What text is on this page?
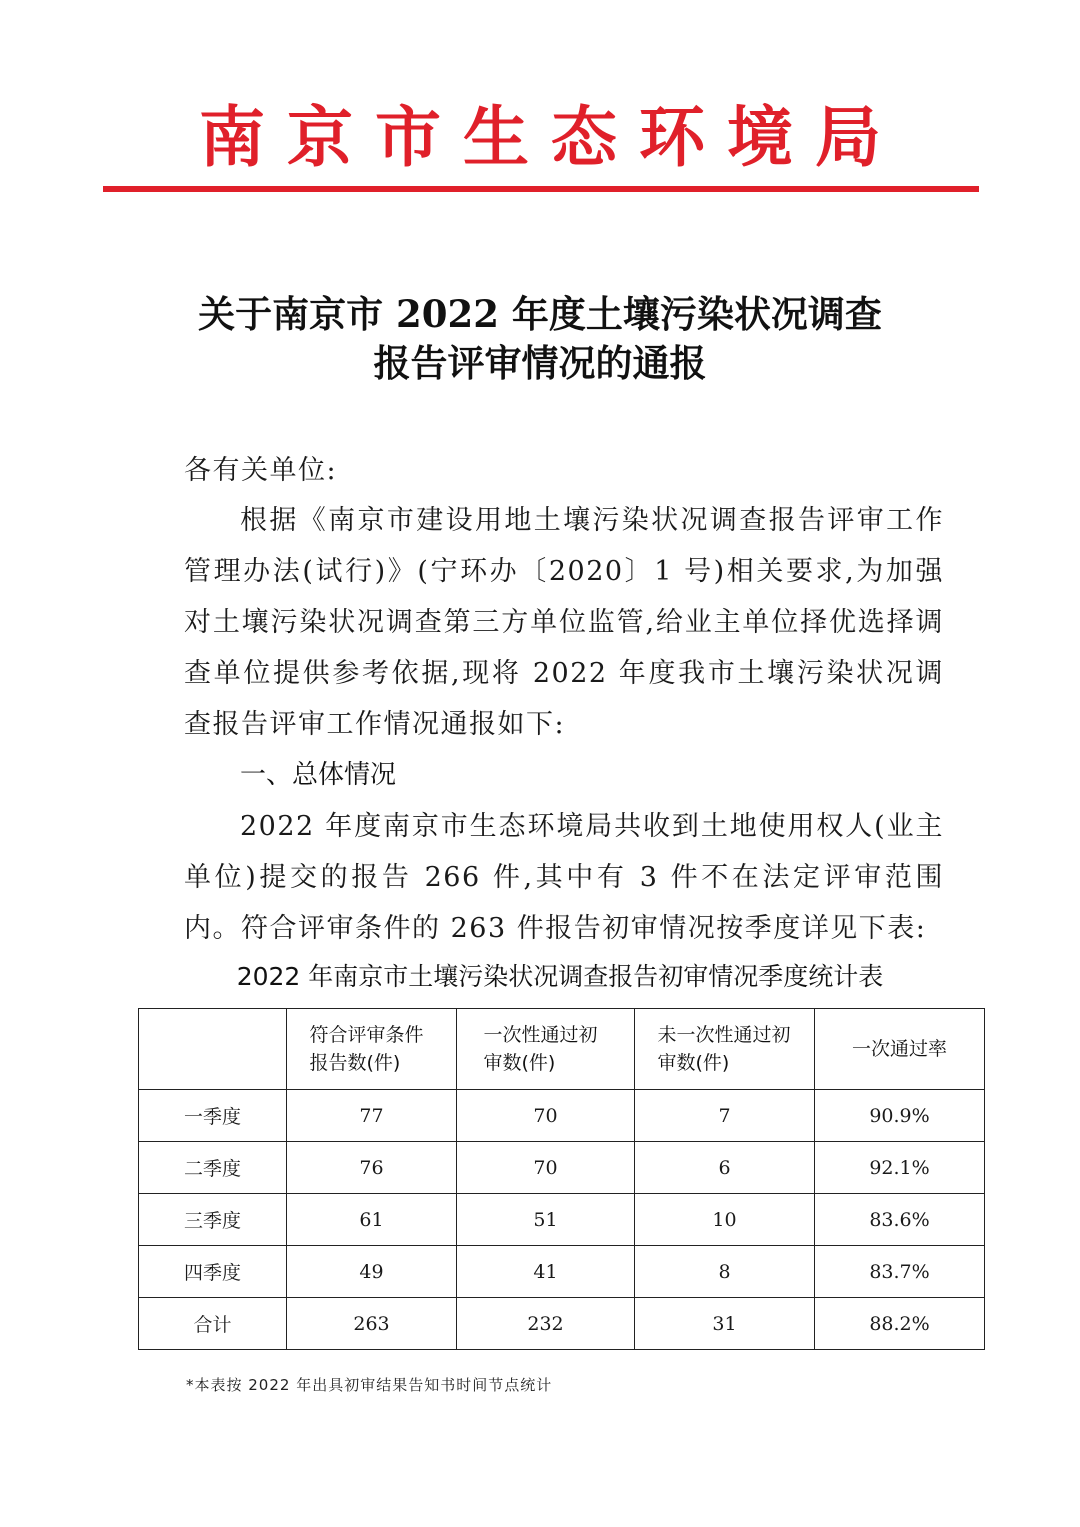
南京市生态环境局
关于南京市 2022 年度土壤污染状况调查
报告评审情况的通报

各有关单位:

根据《南京市建设用地土壤污染状况调查报告评审工作管理办法(试行)》(宁环办〔2020〕1 号)相关要求,为加强对土壤污染状况调查第三方单位监管,给业主单位择优选择调查单位提供参考依据,现将 2022 年度我市土壤污染状况调查报告评审工作情况通报如下:

一、总体情况

2022 年度南京市生态环境局共收到土地使用权人(业主单位)提交的报告 266 件,其中有 3 件不在法定评审范围内。符合评审条件的 263 件报告初审情况按季度详见下表:

2022 年南京市土壤污染状况调查报告初审情况季度统计表

	符合评审条件报告数(件)	一次性通过初审数(件)	未一次性通过初审数(件)	一次通过率
一季度	77	70	7	90.9%
二季度	76	70	6	92.1%
三季度	61	51	10	83.6%
四季度	49	41	8	83.7%
合计	263	232	31	88.2%
*本表按 2022 年出具初审结果告知书时间节点统计
